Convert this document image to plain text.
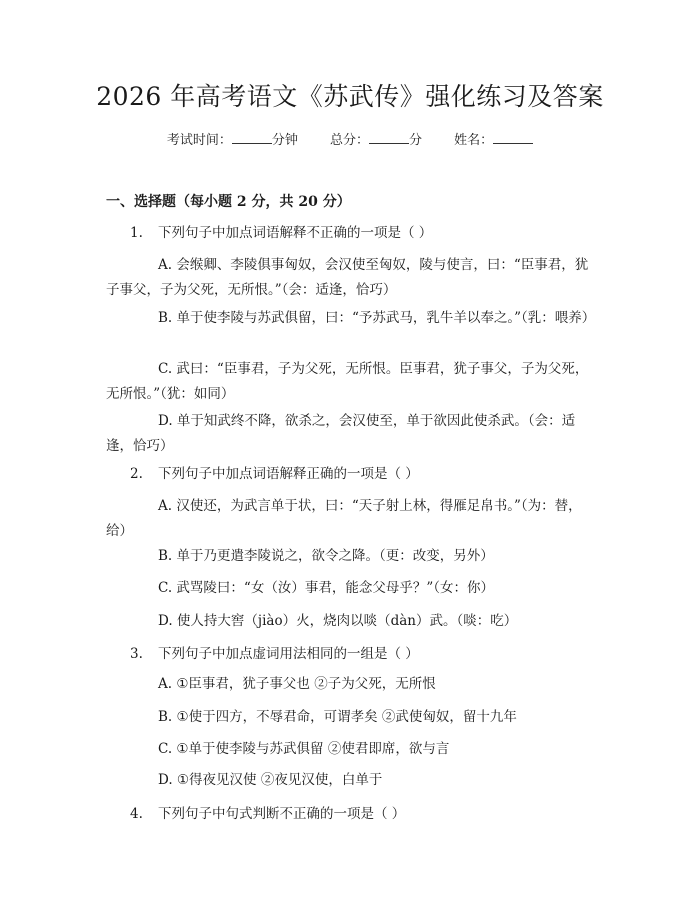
2026 年高考语文《苏武传》强化练习及答案
考试时间：	分钟 总分：	分 姓名：
一、选择题（每小题 2 分，共 20 分）
1. 下列句子中加点词语解释不正确的一项是（ ）
A. 会缑卿、李陵俱事匈奴，会汉使至匈奴，陵与使言，曰：“臣事君，犹子事父，子为父死，无所恨。”（会：适逢，恰巧）
B. 单于使李陵与苏武俱留，曰：“予苏武马，乳牛羊以奉之。”（乳：喂养）
C. 武曰：“臣事君，子为父死，无所恨。臣事君，犹子事父，子为父死，无所恨。”（犹：如同）
D. 单于知武终不降，欲杀之，会汉使至，单于欲因此使杀武。（会：适逢，恰巧）
2. 下列句子中加点词语解释正确的一项是（ ）
A. 汉使还，为武言单于状，曰：“天子射上林，得雁足帛书。”（为：替，给）
B. 单于乃更遣李陵说之，欲令之降。（更：改变，另外）
C. 武骂陵曰：“女（汝）事君，能念父母乎？”（女：你）
D. 使人持大窖（jiào）火，烧肉以啖（dàn）武。（啖：吃）
3. 下列句子中加点虚词用法相同的一组是（ ）
A. ①臣事君，犹子事父也 ②子为父死，无所恨
B. ①使于四方，不辱君命，可谓孝矣 ②武使匈奴，留十九年
C. ①单于使李陵与苏武俱留 ②使君即席，欲与言
D. ①得夜见汉使 ②夜见汉使，白单于
4. 下列句子中句式判断不正确的一项是（ ）
